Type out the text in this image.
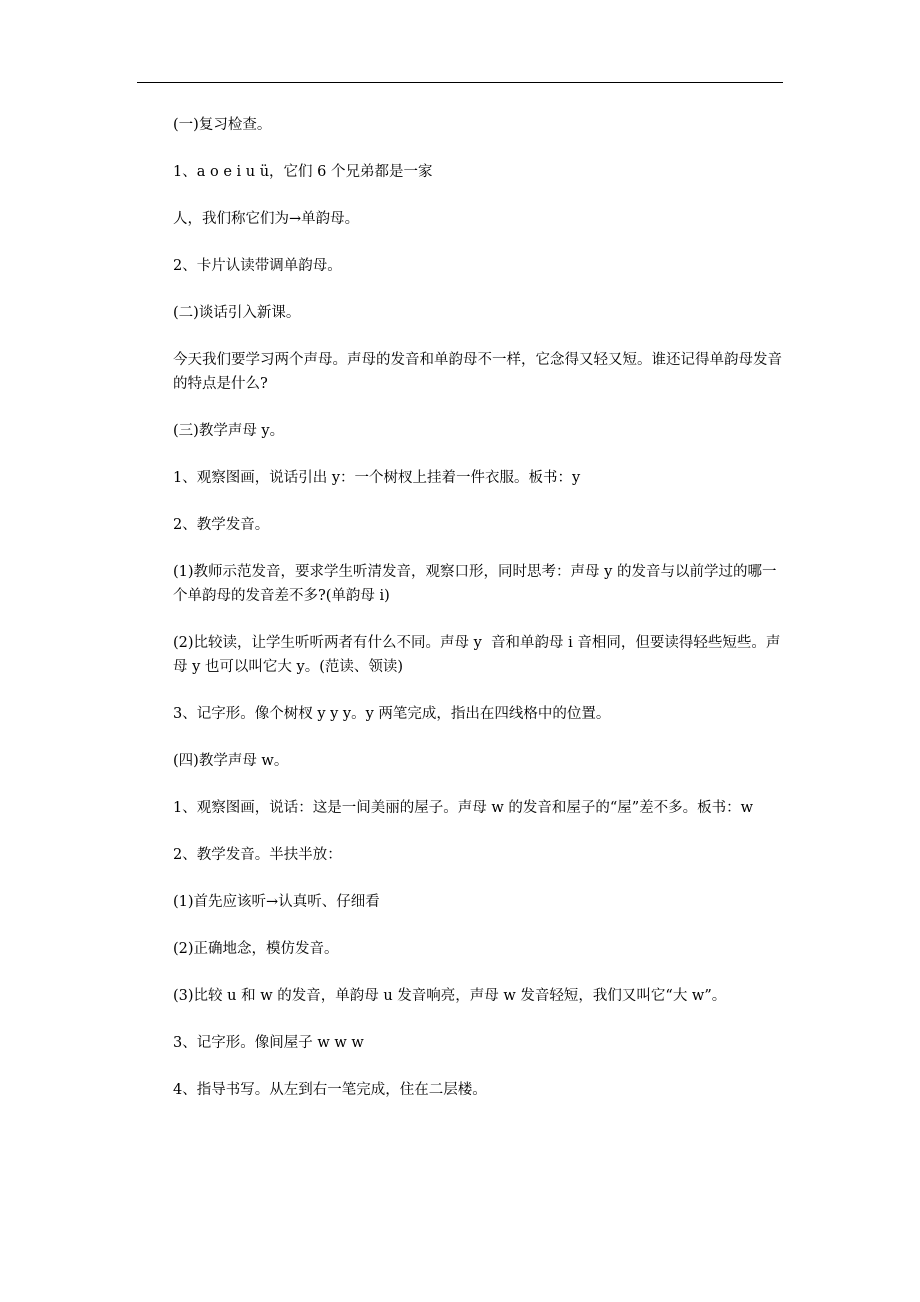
(一)复习检查。

1、a o e i u ü，它们 6 个兄弟都是一家

人，我们称它们为→单韵母。

2、卡片认读带调单韵母。

(二)谈话引入新课。

今天我们要学习两个声母。声母的发音和单韵母不一样，它念得又轻又短。谁还记得单韵母发音的特点是什么?

(三)教学声母 y。

1、观察图画，说话引出 y：一个树杈上挂着一件衣服。板书：y

2、教学发音。

(1)教师示范发音，要求学生听清发音，观察口形，同时思考：声母 y 的发音与以前学过的哪一个单韵母的发音差不多?(单韵母 i)

(2)比较读，让学生听听两者有什么不同。声母 y  音和单韵母 i 音相同，但要读得轻些短些。声母 y 也可以叫它大 y。(范读、领读)

3、记字形。像个树杈 y y y。y 两笔完成，指出在四线格中的位置。

(四)教学声母 w。

1、观察图画，说话：这是一间美丽的屋子。声母 w 的发音和屋子的“屋”差不多。板书：w

2、教学发音。半扶半放：

(1)首先应该听→认真听、仔细看

(2)正确地念，模仿发音。

(3)比较 u 和 w 的发音，单韵母 u 发音响亮，声母 w 发音轻短，我们又叫它“大 w”。

3、记字形。像间屋子 w w w

4、指导书写。从左到右一笔完成，住在二层楼。
